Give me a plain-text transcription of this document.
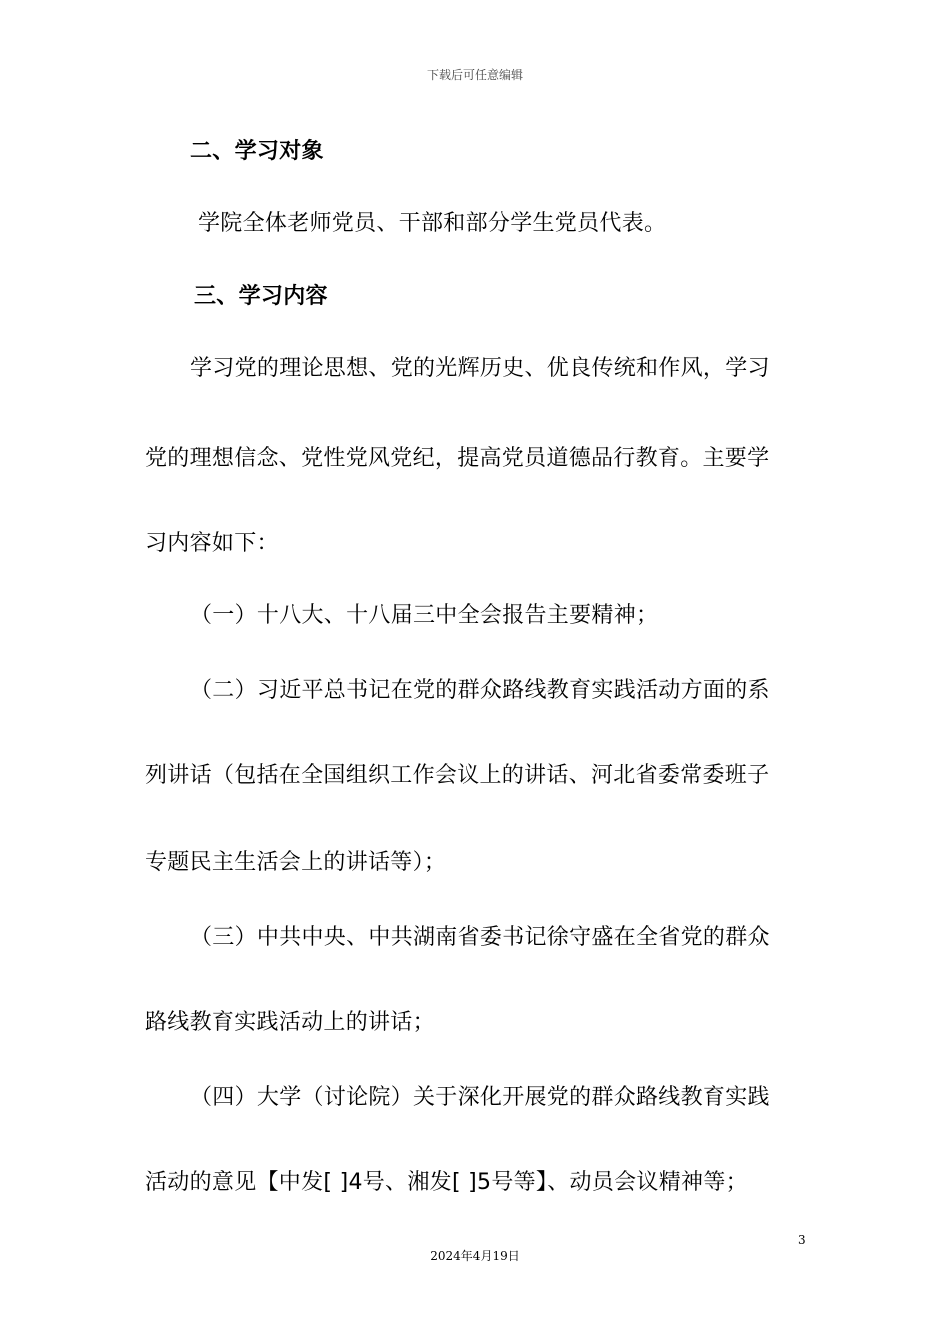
下载后可任意编辑
二、学习对象
学院全体老师党员、干部和部分学生党员代表。
三、学习内容
学习党的理论思想、党的光辉历史、优良传统和作风，学习
党的理想信念、党性党风党纪，提高党员道德品行教育。主要学
习内容如下：
（一）十八大、十八届三中全会报告主要精神；
（二）习近平总书记在党的群众路线教育实践活动方面的系
列讲话（包括在全国组织工作会议上的讲话、河北省委常委班子
专题民主生活会上的讲话等）；
（三）中共中央、中共湖南省委书记徐守盛在全省党的群众
路线教育实践活动上的讲话；
（四）大学（讨论院）关于深化开展党的群众路线教育实践
活动的意见【中发[ ]4号、湘发[ ]5号等】、动员会议精神等；
3
2024年4月19日
